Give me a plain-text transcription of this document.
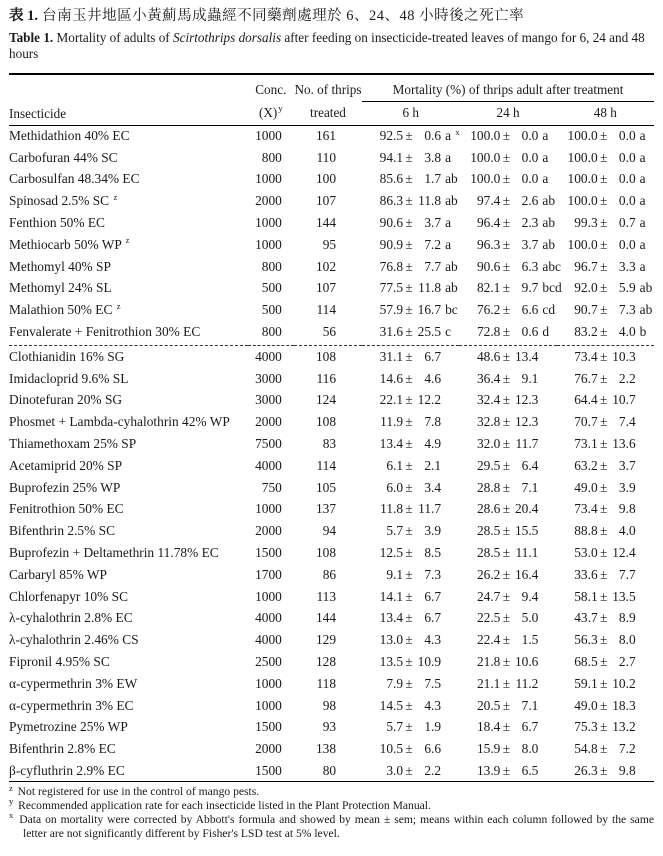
表 1. 台南玉井地區小黃薊馬成蟲經不同藥劑處理於 6、24、48 小時後之死亡率
Table 1. Mortality of adults of Scirtothrips dorsalis after feeding on insecticide-treated leaves of mango for 6, 24 and 48 hours
Insecticide	Conc.	No. of thrips	Mortality (%) of thrips adult after treatment		
	$(X)^y$	treated	6 h	24 h	48 h
Methidathion 40% EC	1000	161	92.5 ± 0.6 a $^x$	100.0 ± 0.0 a	100.0 ± 0.0 a
Carbofuran 44% SC	800	110	94.1 ± 3.8 a	100.0 ± 0.0 a	100.0 ± 0.0 a
Carbosulfan 48.34% EC	1000	100	85.6 ± 1.7 ab	100.0 ± 0.0 a	100.0 ± 0.0 a
Spinosad 2.5% SC $^z$	2000	107	86.3 ± 11.8 ab	97.4 ± 2.6 ab	100.0 ± 0.0 a
Fenthion 50% EC	1000	144	90.6 ± 3.7 a	96.4 ± 2.3 ab	99.3 ± 0.7 a
Methiocarb 50% WP $^z$	1000	95	90.9 ± 7.2 a	96.3 ± 3.7 ab	100.0 ± 0.0 a
Methomyl 40% SP	800	102	76.8 ± 7.7 ab	90.6 ± 6.3 abc	96.7 ± 3.3 a
Methomyl 24% SL	500	107	77.5 ± 11.8 ab	82.1 ± 9.7 bcd	92.0 ± 5.9 ab
Malathion 50% EC $^z$	500	114	57.9 ± 16.7 bc	76.2 ± 6.6 cd	90.7 ± 7.3 ab
Fenvalerate + Fenitrothion 30% EC	800	56	31.6 ± 25.5 c	72.8 ± 0.6 d	83.2 ± 4.0 b

Clothianidin 16% SG	4000	108	31.1 ± 6.7	48.6 ± 13.4	73.4 ± 10.3
Imidacloprid 9.6% SL	3000	116	14.6 ± 4.6	36.4 ± 9.1	76.7 ± 2.2
Dinotefuran 20% SG	3000	124	22.1 ± 12.2	32.4 ± 12.3	64.4 ± 10.7
Phosmet + Lambda-cyhalothrin 42% WP	2000	108	11.9 ± 7.8	32.8 ± 12.3	70.7 ± 7.4
Thiamethoxam 25% SP	7500	83	13.4 ± 4.9	32.0 ± 11.7	73.1 ± 13.6
Acetamiprid 20% SP	4000	114	6.1 ± 2.1	29.5 ± 6.4	63.2 ± 3.7
Buprofezin 25% WP	750	105	6.0 ± 3.4	28.8 ± 7.1	49.0 ± 3.9
Fenitrothion 50% EC	1000	137	11.8 ± 11.7	28.6 ± 20.4	73.4 ± 9.8
Bifenthrin 2.5% SC	2000	94	5.7 ± 3.9	28.5 ± 15.5	88.8 ± 4.0
Buprofezin + Deltamethrin 11.78% EC	1500	108	12.5 ± 8.5	28.5 ± 11.1	53.0 ± 12.4
Carbaryl 85% WP	1700	86	9.1 ± 7.3	26.2 ± 16.4	33.6 ± 7.7
Chlorfenapyr 10% SC	1000	113	14.1 ± 6.7	24.7 ± 9.4	58.1 ± 13.5
λ-cyhalothrin 2.8% EC	4000	144	13.4 ± 6.7	22.5 ± 5.0	43.7 ± 8.9
λ-cyhalothrin 2.46% CS	4000	129	13.0 ± 4.3	22.4 ± 1.5	56.3 ± 8.0
Fipronil 4.95% SC	2500	128	13.5 ± 10.9	21.8 ± 10.6	68.5 ± 2.7
α-cypermethrin 3% EW	1000	118	7.9 ± 7.5	21.1 ± 11.2	59.1 ± 10.2
α-cypermethrin 3% EC	1000	98	14.5 ± 4.3	20.5 ± 7.1	49.0 ± 18.3
Pymetrozine 25% WP	1500	93	5.7 ± 1.9	18.4 ± 6.7	75.3 ± 13.2
Bifenthrin 2.8% EC	2000	138	10.5 ± 6.6	15.9 ± 8.0	54.8 ± 7.2
β-cyfluthrin 2.9% EC	1500	80	3.0 ± 2.2	13.9 ± 6.5	26.3 ± 9.8
$^z$ Not registered for use in the control of mango pests.
$^y$ Recommended application rate for each insecticide listed in the Plant Protection Manual.
$^x$ Data on mortality were corrected by Abbott's formula and showed by mean ± sem; means within each column followed by the same letter are not significantly different by Fisher's LSD test at 5% level.
